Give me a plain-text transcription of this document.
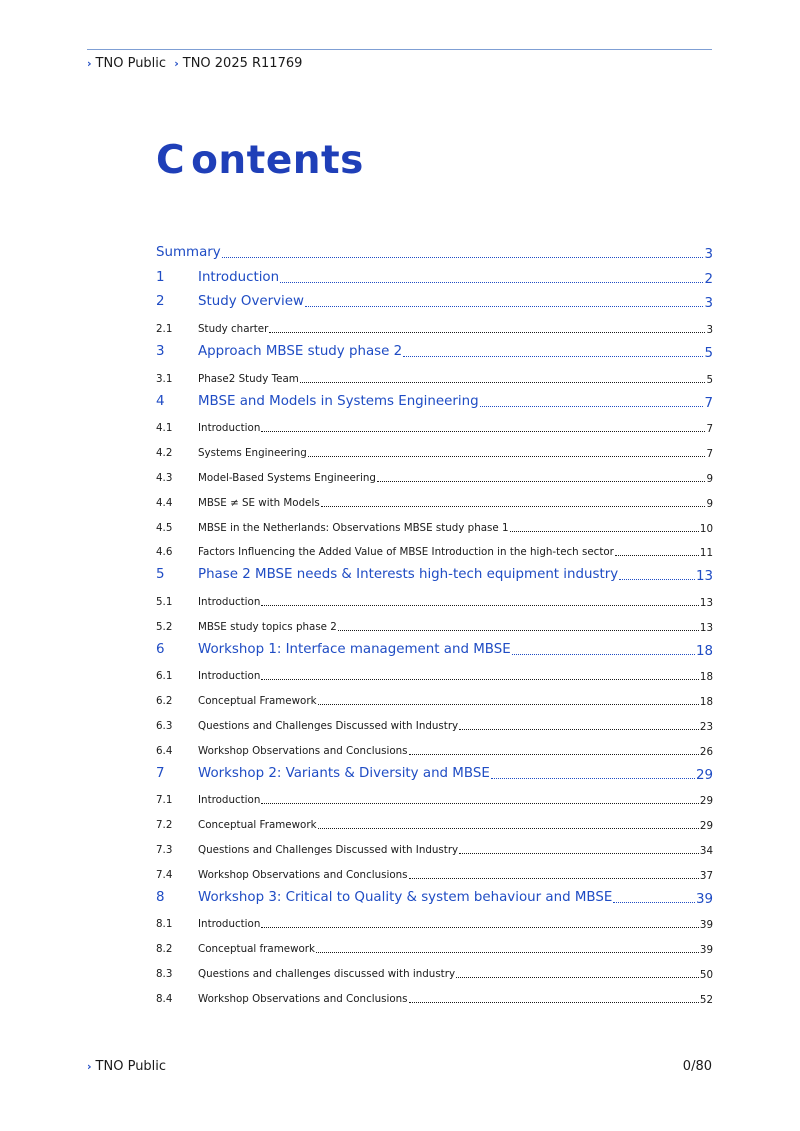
› TNO Public › TNO 2025 R11769
C ontents
Summary	3
1	Introduction	2
2	Study Overview	3
2.1	Study charter	3
3	Approach MBSE study phase 2	5
3.1	Phase2 Study Team	5
4	MBSE and Models in Systems Engineering	7
4.1	Introduction	7
4.2	Systems Engineering	7
4.3	Model-Based Systems Engineering	9
4.4	MBSE ≠ SE with Models	9
4.5	MBSE in the Netherlands: Observations MBSE study phase 1	10
4.6	Factors Influencing the Added Value of MBSE Introduction in the high-tech sector	11
5	Phase 2 MBSE needs & Interests high-tech equipment industry	13
5.1	Introduction	13
5.2	MBSE study topics phase 2	13
6	Workshop 1: Interface management and MBSE	18
6.1	Introduction	18
6.2	Conceptual Framework	18
6.3	Questions and Challenges Discussed with Industry	23
6.4	Workshop Observations and Conclusions	26
7	Workshop 2: Variants & Diversity and MBSE	29
7.1	Introduction	29
7.2	Conceptual Framework	29
7.3	Questions and Challenges Discussed with Industry	34
7.4	Workshop Observations and Conclusions	37
8	Workshop 3: Critical to Quality & system behaviour and MBSE	39
8.1	Introduction	39
8.2	Conceptual framework	39
8.3	Questions and challenges discussed with industry	50
8.4	Workshop Observations and Conclusions	52
› TNO Public	0/80
